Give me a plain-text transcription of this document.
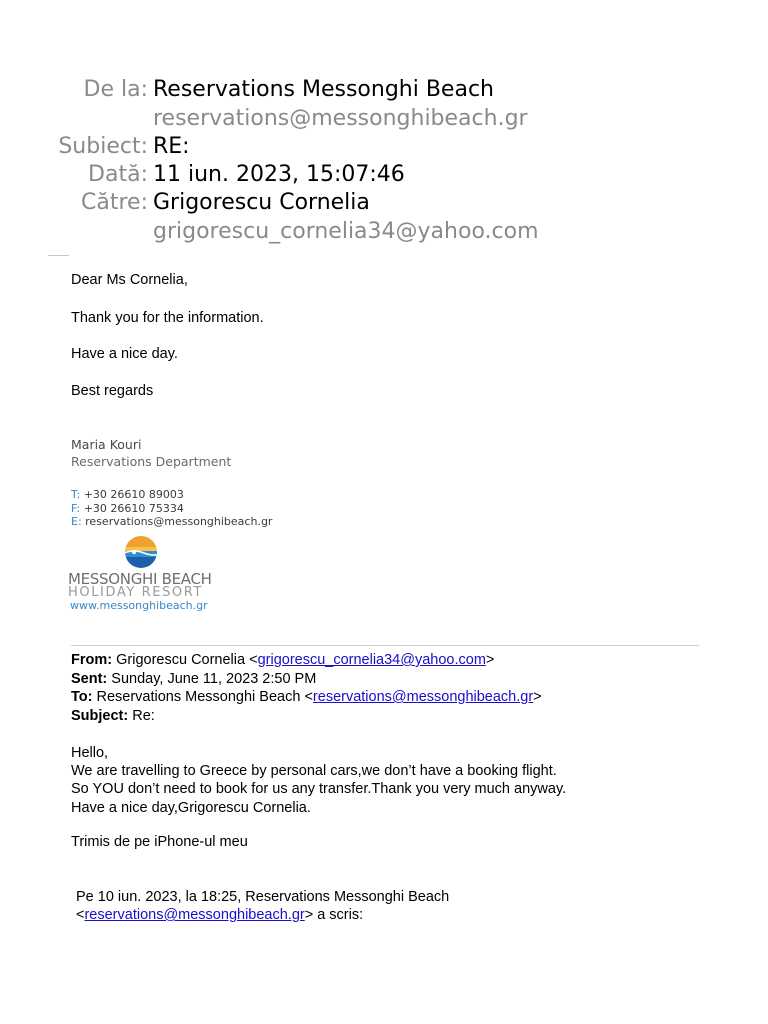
De la: Reservations Messonghi Beach
reservations@messonghibeach.gr
Subiect: RE:
Dată: 11 iun. 2023, 15:07:46
Către: Grigorescu Cornelia
grigorescu_cornelia34@yahoo.com
Dear Ms Cornelia,
Thank you for the information.
Have a nice day.
Best regards
Maria Kouri
Reservations Department
T: +30 26610 89003
F: +30 26610 75334
E: reservations@messonghibeach.gr
MESSONGHI BEACH
HOLIDAY RESORT
www.messonghibeach.gr
From: Grigorescu Cornelia <grigorescu_cornelia34@yahoo.com>
Sent: Sunday, June 11, 2023 2:50 PM
To: Reservations Messonghi Beach <reservations@messonghibeach.gr>
Subject: Re:
Hello,
We are travelling to Greece by personal cars,we don’t have a booking flight.
So YOU don’t need to book for us any transfer.Thank you very much anyway.
Have a nice day,Grigorescu Cornelia.
Trimis de pe iPhone-ul meu
Pe 10 iun. 2023, la 18:25, Reservations Messonghi Beach
<reservations@messonghibeach.gr> a scris:
